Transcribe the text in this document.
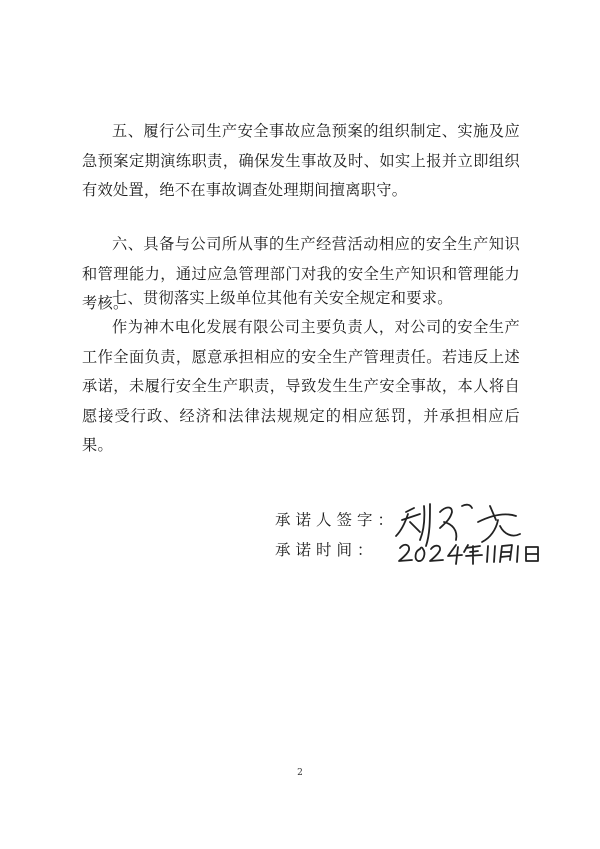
五、履行公司生产安全事故应急预案的组织制定、实施及应急预案定期演练职责，确保发生事故及时、如实上报并立即组织有效处置，绝不在事故调查处理期间擅离职守。

六、具备与公司所从事的生产经营活动相应的安全生产知识和管理能力，通过应急管理部门对我的安全生产知识和管理能力考核。

七、贯彻落实上级单位其他有关安全规定和要求。

作为神木电化发展有限公司主要负责人，对公司的安全生产工作全面负责，愿意承担相应的安全生产管理责任。若违反上述承诺，未履行安全生产职责，导致发生生产安全事故，本人将自愿接受行政、经济和法律法规规定的相应惩罚，并承担相应后果。

承诺人签字：
承诺时间：
2
